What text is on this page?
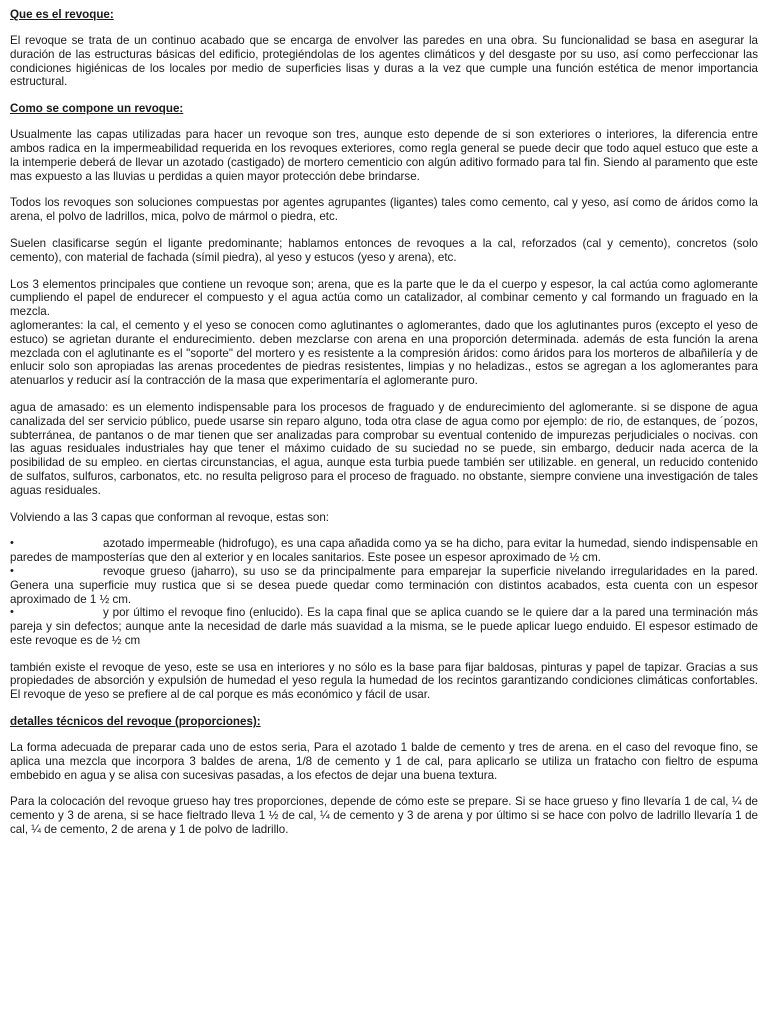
Que es el revoque:

El revoque se trata de un continuo acabado que se encarga de envolver las paredes en una obra. Su funcionalidad se basa en asegurar la duración de las estructuras básicas del edificio, protegiéndolas de los agentes climáticos y del desgaste por su uso, así como perfeccionar las condiciones higiénicas de los locales por medio de superficies lisas y duras a la vez que cumple una función estética de menor importancia estructural.

Como se compone un revoque:

Usualmente las capas utilizadas para hacer un revoque son tres, aunque esto depende de si son exteriores o interiores, la diferencia entre ambos radica en la impermeabilidad requerida en los revoques exteriores, como regla general se puede decir que todo aquel estuco que este a la intemperie deberá de llevar un azotado (castigado) de mortero cementicio con algún aditivo formado para tal fin. Siendo al paramento que este mas expuesto a las lluvias u perdidas a quien mayor protección debe brindarse.

Todos los revoques son soluciones compuestas por agentes agrupantes (ligantes) tales como cemento, cal y yeso, así como de áridos como la arena, el polvo de ladrillos, mica, polvo de mármol o piedra, etc.

Suelen clasificarse según el ligante predominante; hablamos entonces de revoques a la cal, reforzados (cal y cemento), concretos (solo cemento), con material de fachada (símil piedra), al yeso y estucos (yeso y arena), etc.

Los 3 elementos principales que contiene un revoque son; arena, que es la parte que le da el cuerpo y espesor, la cal actúa como aglomerante cumpliendo el papel de endurecer el compuesto y el agua actúa como un catalizador, al combinar cemento y cal formando un fraguado en la mezcla.

aglomerantes: la cal, el cemento y el yeso se conocen como aglutinantes o aglomerantes, dado que los aglutinantes puros (excepto el yeso de estuco) se agrietan durante el endurecimiento. deben mezclarse con arena en una proporción determinada. además de esta función la arena mezclada con el aglutinante es el "soporte" del mortero y es resistente a la compresión áridos: como áridos para los morteros de albañilería y de enlucir solo son apropiadas las arenas procedentes de piedras resistentes, limpias y no heladizas., estos se agregan a los aglomerantes para atenuarlos y reducir así la contracción de la masa que experimentaría el aglomerante puro.

agua de amasado: es un elemento indispensable para los procesos de fraguado y de endurecimiento del aglomerante. si se dispone de agua canalizada del ser servicio público, puede usarse sin reparo alguno, toda otra clase de agua como por ejemplo: de rio, de estanques, de ´pozos, subterránea, de pantanos o de mar tienen que ser analizadas para comprobar su eventual contenido de impurezas perjudiciales o nocivas. con las aguas residuales industriales hay que tener el máximo cuidado de su suciedad no se puede, sin embargo, deducir nada acerca de la posibilidad de su empleo. en ciertas circunstancias, el agua, aunque esta turbia puede también ser utilizable. en general, un reducido contenido de sulfatos, sulfuros, carbonatos, etc. no resulta peligroso para el proceso de fraguado. no obstante, siempre conviene una investigación de tales aguas residuales.

Volviendo a las 3 capas que conforman al revoque, estas son:

•	azotado impermeable (hidrofugo), es una capa añadida como ya se ha dicho, para evitar la humedad, siendo indispensable en paredes de mamposterías que den al exterior y en locales sanitarios. Este posee un espesor aproximado de ½ cm.
•	revoque grueso (jaharro), su uso se da principalmente para emparejar la superficie nivelando irregularidades en la pared. Genera una superficie muy rustica que si se desea puede quedar como terminación con distintos acabados, esta cuenta con un espesor aproximado de 1 ½ cm.
•	y por último el revoque fino (enlucido). Es la capa final que se aplica cuando se le quiere dar a la pared una terminación más pareja y sin defectos; aunque ante la necesidad de darle más suavidad a la misma, se le puede aplicar luego enduido. El espesor estimado de este revoque es de ½ cm

también existe el revoque de yeso, este se usa en interiores y no sólo es la base para fijar baldosas, pinturas y papel de tapizar. Gracias a sus propiedades de absorción y expulsión de humedad el yeso regula la humedad de los recintos garantizando condiciones climáticas confortables. El revoque de yeso se prefiere al de cal porque es más económico y fácil de usar.

detalles técnicos del revoque (proporciones):

La forma adecuada de preparar cada uno de estos seria, Para el azotado 1 balde de cemento y tres de arena. en el caso del revoque fino, se aplica una mezcla que incorpora 3 baldes de arena, 1/8 de cemento y 1 de cal, para aplicarlo se utiliza un fratacho con fieltro de espuma embebido en agua y se alisa con sucesivas pasadas, a los efectos de dejar una buena textura.

Para la colocación del revoque grueso hay tres proporciones, depende de cómo este se prepare. Si se hace grueso y fino llevaría 1 de cal, ¼ de cemento y 3 de arena, si se hace fieltrado lleva 1 ½ de cal, ¼ de cemento y 3 de arena y por último si se hace con polvo de ladrillo llevaría 1 de cal, ¼ de cemento, 2 de arena y 1 de polvo de ladrillo.
